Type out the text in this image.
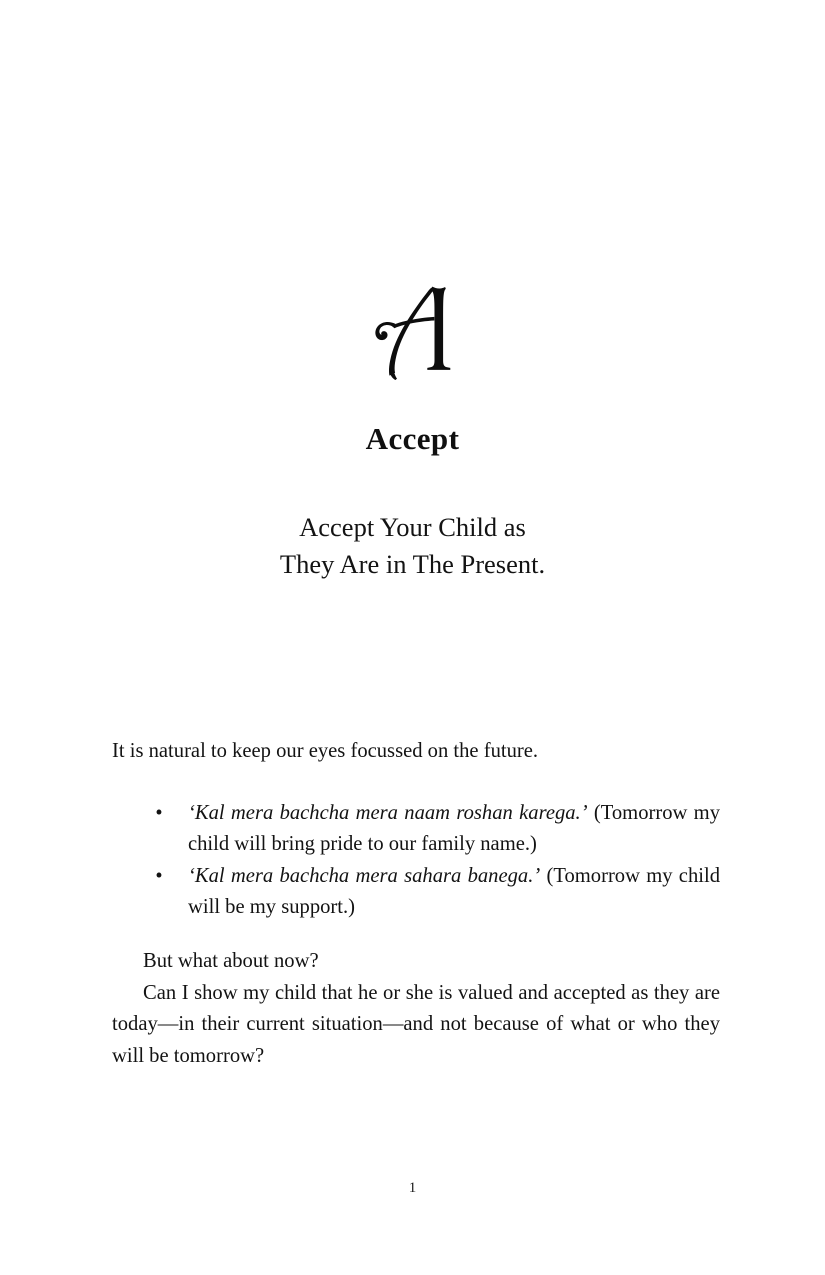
Accept
Accept Your Child as
They Are in The Present.

It is natural to keep our eyes focussed on the future.

• ‘Kal mera bachcha mera naam roshan karega.’ (Tomorrow my child will bring pride to our family name.)
• ‘Kal mera bachcha mera sahara banega.’ (Tomorrow my child will be my support.)

But what about now?

Can I show my child that he or she is valued and accepted as they are today—in their current situation—and not because of what or who they will be tomorrow?

1
